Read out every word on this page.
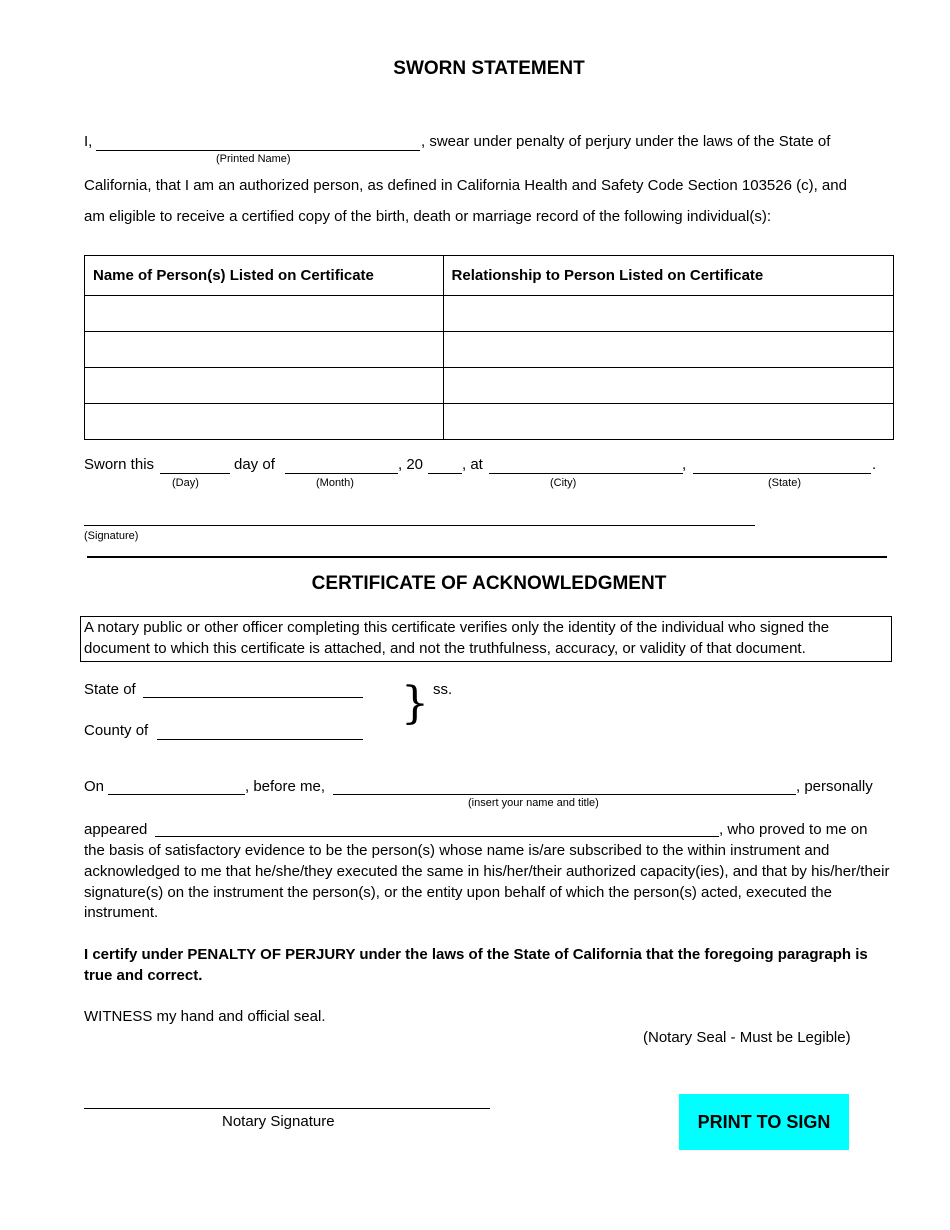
SWORN STATEMENT
I,	, swear under penalty of perjury under the laws of the State of
(Printed Name)
California, that I am an authorized person, as defined in California Health and Safety Code Section 103526 (c), and
am eligible to receive a certified copy of the birth, death or marriage record of the following individual(s):
Name of Person(s) Listed on Certificate	Relationship to Person Listed on Certificate

Sworn this
(Day)
day of
(Month)
, 20	, at
(City)
,
(State)
.
(Signature)
CERTIFICATE OF ACKNOWLEDGMENT
A notary public or other officer completing this certificate verifies only the identity of the individual who signed the document to which this certificate is attached, and not the truthfulness, accuracy, or validity of that document.
State of
County of
} ss.
On	, before me,	, personally
(insert your name and title)
appeared	, who proved to me on
the basis of satisfactory evidence to be the person(s) whose name is/are subscribed to the within instrument and acknowledged to me that he/she/they executed the same in his/her/their authorized capacity(ies), and that by his/her/their signature(s) on the instrument the person(s), or the entity upon behalf of which the person(s) acted, executed the instrument.
I certify under PENALTY OF PERJURY under the laws of the State of California that the foregoing paragraph is true and correct.
WITNESS my hand and official seal.
(Notary Seal - Must be Legible)
Notary Signature	PRINT TO SIGN
